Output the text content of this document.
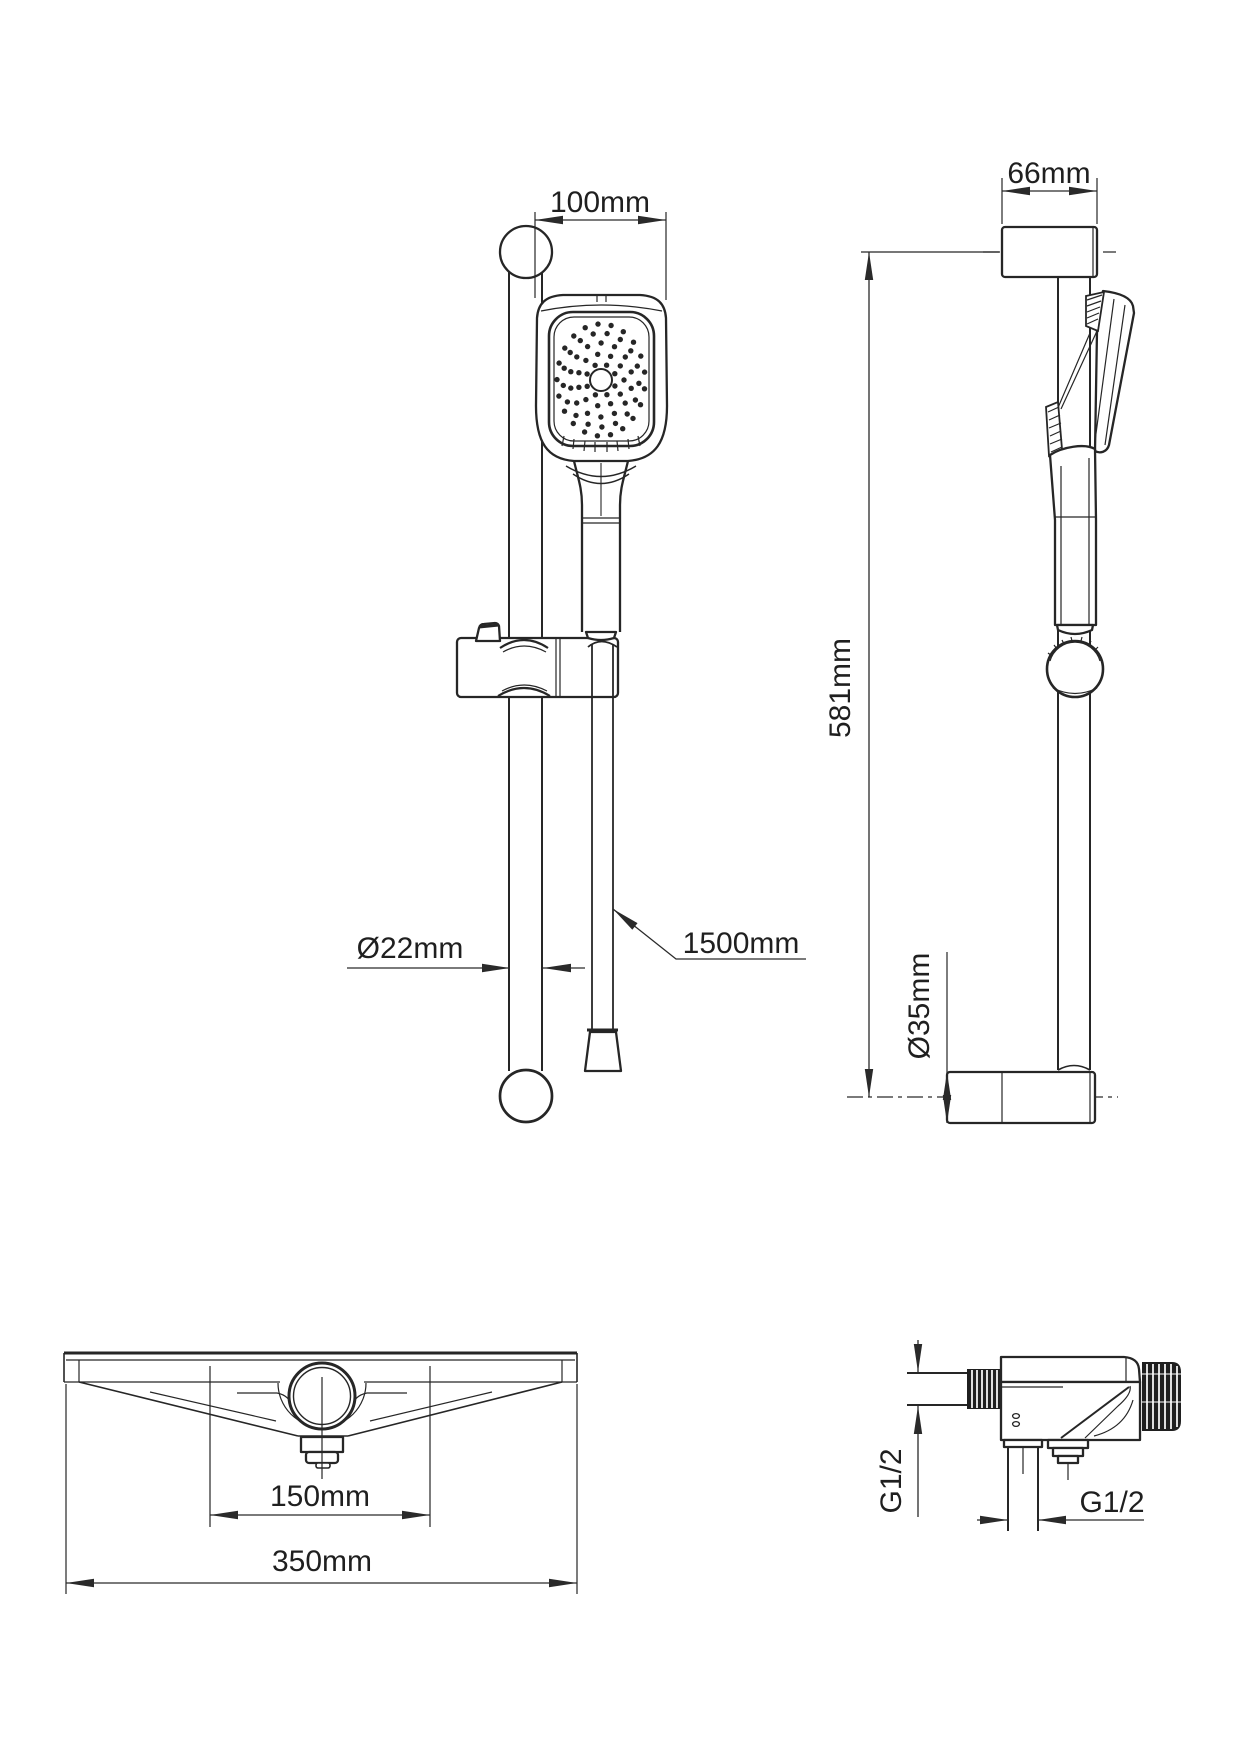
100mm
Ø22mm	1500mm
66mm
581mm
Ø35mm
150mm
350mm
G1/2	G1/2
